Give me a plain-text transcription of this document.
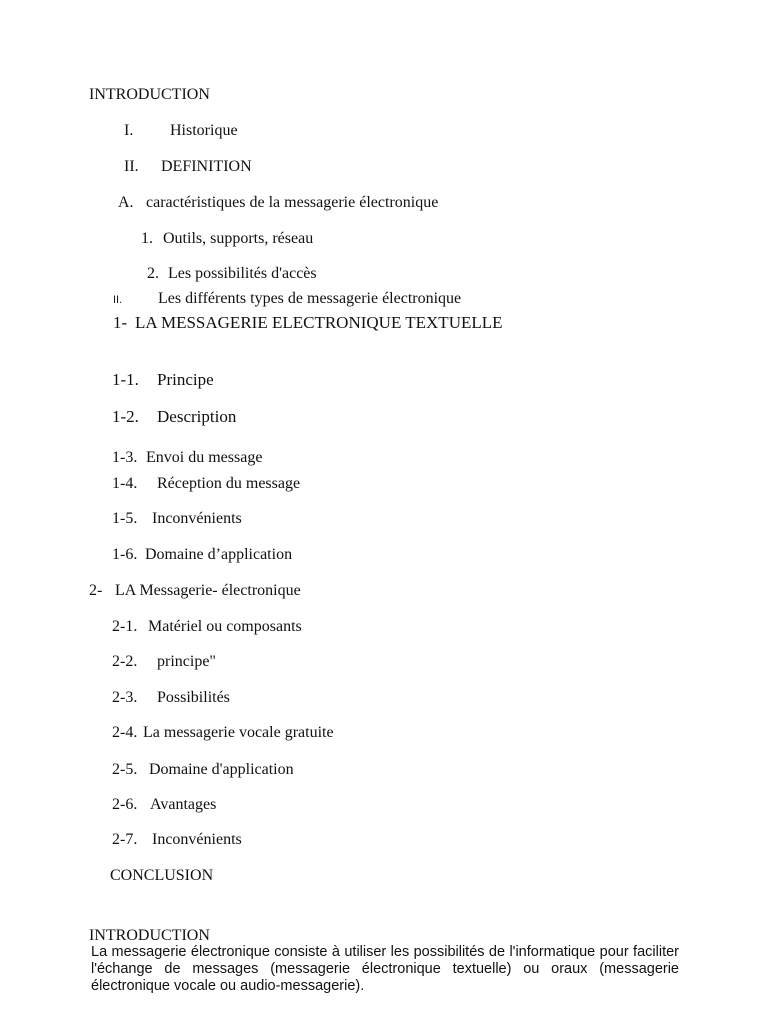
INTRODUCTION
I. Historique
II. DEFINITION
A. caractéristiques de la messagerie électronique
1. Outils, supports, réseau
2. Les possibilités d'accès
II. Les différents types de messagerie électronique
1- LA MESSAGERIE ELECTRONIQUE TEXTUELLE
1-1. Principe
1-2. Description
1-3. Envoi du message
1-4. Réception du message
1-5. Inconvénients
1-6. Domaine d’application
2- LA Messagerie- électronique
2-1. Matériel ou composants
2-2. principe"
2-3. Possibilités
2-4. La messagerie vocale gratuite
2-5. Domaine d'application
2-6. Avantages
2-7. Inconvénients
CONCLUSION
INTRODUCTION

La messagerie électronique consiste à utiliser les possibilités de l'informatique pour faciliter l'échange de messages (messagerie électronique textuelle) ou oraux (messagerie électronique vocale ou audio-messagerie).
